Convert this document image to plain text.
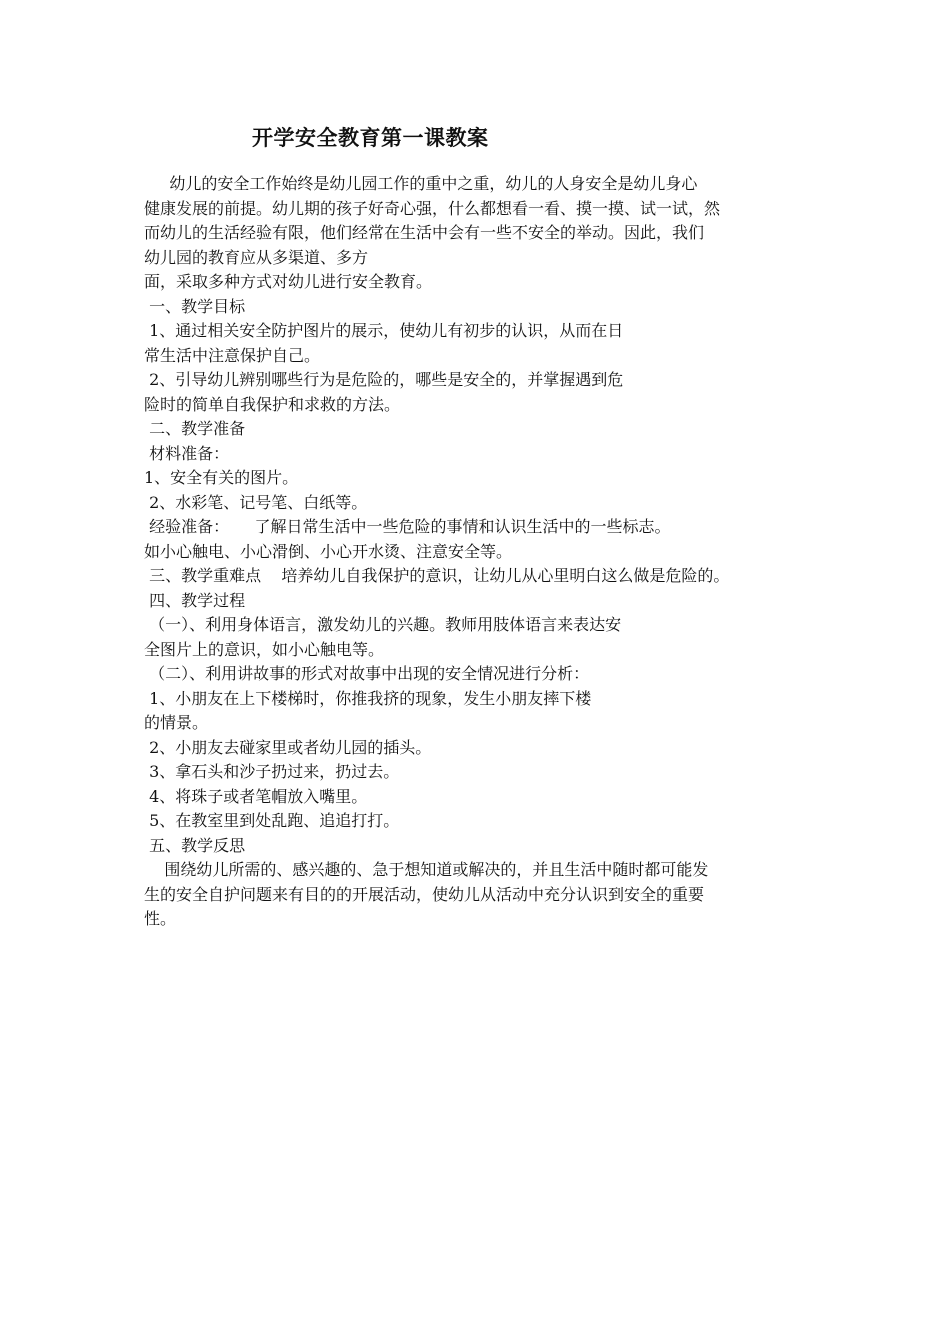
开学安全教育第一课教案
幼儿的安全工作始终是幼儿园工作的重中之重，幼儿的人身安全是幼儿身心
健康发展的前提。幼儿期的孩子好奇心强，什么都想看一看、摸一摸、试一试，然
而幼儿的生活经验有限，他们经常在生活中会有一些不安全的举动。因此，我们
幼儿园的教育应从多渠道、多方
面，采取多种方式对幼儿进行安全教育。
一、教学目标
1、通过相关安全防护图片的展示，使幼儿有初步的认识，从而在日
常生活中注意保护自己。
2、引导幼儿辨别哪些行为是危险的，哪些是安全的，并掌握遇到危
险时的简单自我保护和求救的方法。
二、教学准备
材料准备：
1、安全有关的图片。
2、水彩笔、记号笔、白纸等。
经验准备：     了解日常生活中一些危险的事情和认识生活中的一些标志。
如小心触电、小心滑倒、小心开水烫、注意安全等。
三、教学重难点    培养幼儿自我保护的意识，让幼儿从心里明白这么做是危险的。
四、教学过程
（一）、利用身体语言，激发幼儿的兴趣。教师用肢体语言来表达安
全图片上的意识，如小心触电等。
（二）、利用讲故事的形式对故事中出现的安全情况进行分析：
1、小朋友在上下楼梯时，你推我挤的现象，发生小朋友摔下楼
的情景。
2、小朋友去碰家里或者幼儿园的插头。
3、拿石头和沙子扔过来，扔过去。
4、将珠子或者笔帽放入嘴里。
5、在教室里到处乱跑、追追打打。
五、教学反思
围绕幼儿所需的、感兴趣的、急于想知道或解决的，并且生活中随时都可能发
生的安全自护问题来有目的的开展活动，使幼儿从活动中充分认识到安全的重要
性。
